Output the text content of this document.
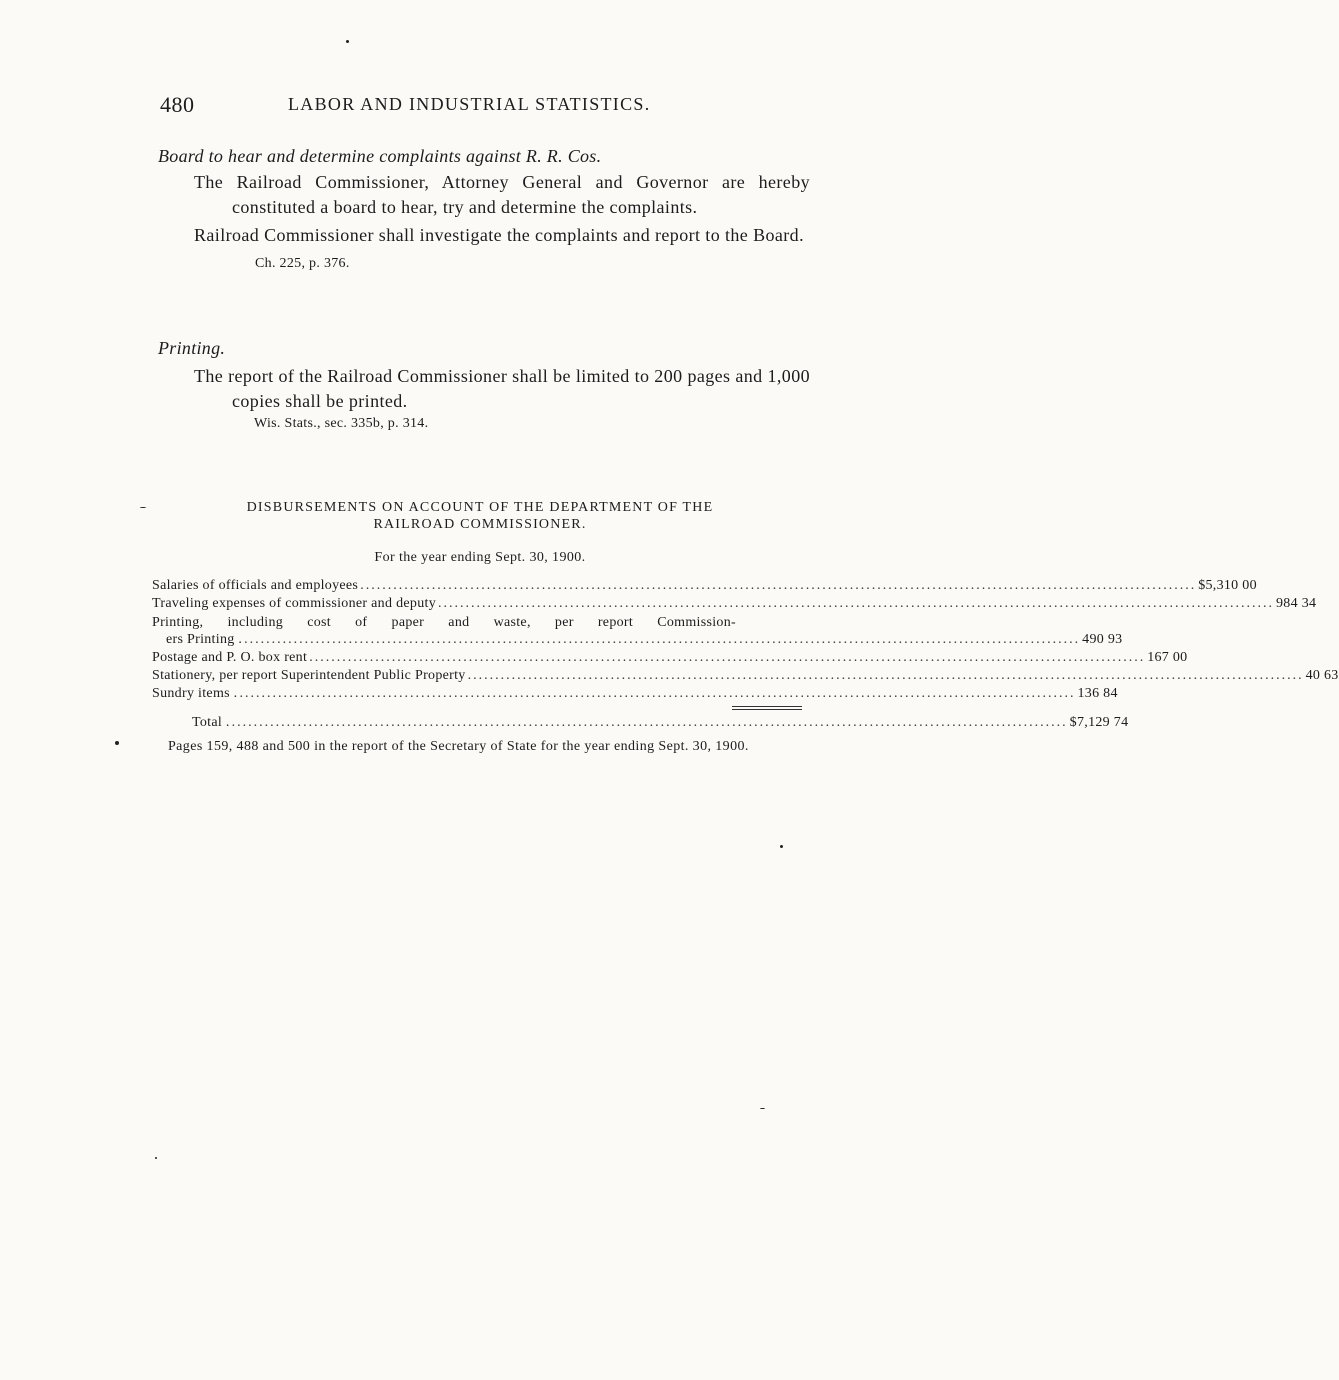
480	LABOR AND INDUSTRIAL STATISTICS.
Board to hear and determine complaints against R. R. Cos.

The Railroad Commissioner, Attorney General and Governor are hereby constituted a board to hear, try and determine the complaints.

Railroad Commissioner shall investigate the complaints and report to the Board.

Ch. 225, p. 376.
Printing.

The report of the Railroad Commissioner shall be limited to 200 pages and 1,000 copies shall be printed.

Wis. Stats., sec. 335b, p. 314.
DISBURSEMENTS ON ACCOUNT OF THE DEPARTMENT OF THE
RAILROAD COMMISSIONER.
For the year ending Sept. 30, 1900.
Salaries of officials and employees .....	$5,310 00
Traveling expenses of commissioner and deputy .....	984 34
Printing, including cost of paper and waste, per report Commission-
ers Printing . .....	490 93
Postage and P. O. box rent .....	167 00
Stationery, per report Superintendent Public Property .....	40 63
Sundry items . .....	136 84
Total . .....	$7,129 74

Pages 159, 488 and 500 in the report of the Secretary of State for the year ending Sept. 30, 1900.
